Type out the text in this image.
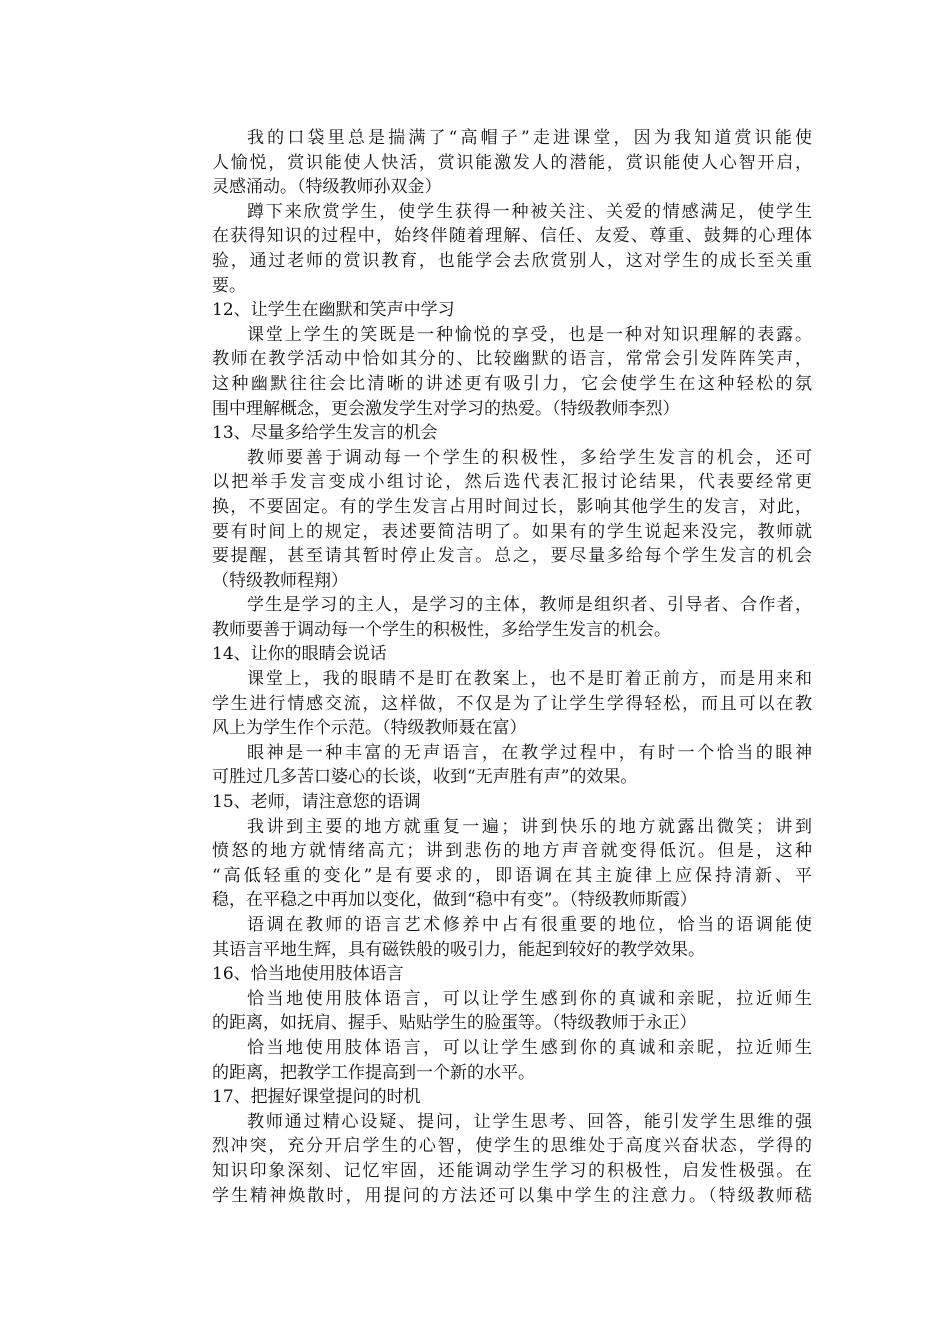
我的口袋里总是揣满了“高帽子”走进课堂，因为我知道赏识能使
人愉悦，赏识能使人快活，赏识能激发人的潜能，赏识能使人心智开启，
灵感涌动。（特级教师孙双金）
蹲下来欣赏学生，使学生获得一种被关注、关爱的情感满足，使学生
在获得知识的过程中，始终伴随着理解、信任、友爱、尊重、鼓舞的心理体
验，通过老师的赏识教育，也能学会去欣赏别人，这对学生的成长至关重
要。
12、让学生在幽默和笑声中学习
课堂上学生的笑既是一种愉悦的享受，也是一种对知识理解的表露。
教师在教学活动中恰如其分的、比较幽默的语言，常常会引发阵阵笑声，
这种幽默往往会比清晰的讲述更有吸引力，它会使学生在这种轻松的氛
围中理解概念，更会激发学生对学习的热爱。（特级教师李烈）
13、尽量多给学生发言的机会
教师要善于调动每一个学生的积极性，多给学生发言的机会，还可
以把举手发言变成小组讨论，然后选代表汇报讨论结果，代表要经常更
换，不要固定。有的学生发言占用时间过长，影响其他学生的发言，对此，
要有时间上的规定，表述要简洁明了。如果有的学生说起来没完，教师就
要提醒，甚至请其暂时停止发言。总之，要尽量多给每个学生发言的机会
（特级教师程翔）
学生是学习的主人，是学习的主体，教师是组织者、引导者、合作者，
教师要善于调动每一个学生的积极性，多给学生发言的机会。
14、让你的眼睛会说话
课堂上，我的眼睛不是盯在教案上，也不是盯着正前方，而是用来和
学生进行情感交流，这样做，不仅是为了让学生学得轻松，而且可以在教
风上为学生作个示范。（特级教师聂在富）
眼神是一种丰富的无声语言，在教学过程中，有时一个恰当的眼神
可胜过几多苦口婆心的长谈，收到“无声胜有声”的效果。
15、老师，请注意您的语调
我讲到主要的地方就重复一遍；讲到快乐的地方就露出微笑；讲到
愤怒的地方就情绪高亢；讲到悲伤的地方声音就变得低沉。但是，这种
“高低轻重的变化”是有要求的，即语调在其主旋律上应保持清新、平
稳，在平稳之中再加以变化，做到“稳中有变”。（特级教师斯霞）
语调在教师的语言艺术修养中占有很重要的地位，恰当的语调能使
其语言平地生辉，具有磁铁般的吸引力，能起到较好的教学效果。
16、恰当地使用肢体语言
恰当地使用肢体语言，可以让学生感到你的真诚和亲昵，拉近师生
的距离，如抚肩、握手、贴贴学生的脸蛋等。（特级教师于永正）
恰当地使用肢体语言，可以让学生感到你的真诚和亲昵，拉近师生
的距离，把教学工作提高到一个新的水平。
17、把握好课堂提问的时机
教师通过精心设疑、提问，让学生思考、回答，能引发学生思维的强
烈冲突，充分开启学生的心智，使学生的思维处于高度兴奋状态，学得的
知识印象深刻、记忆牢固，还能调动学生学习的积极性，启发性极强。在
学生精神焕散时，用提问的方法还可以集中学生的注意力。（特级教师嵇
